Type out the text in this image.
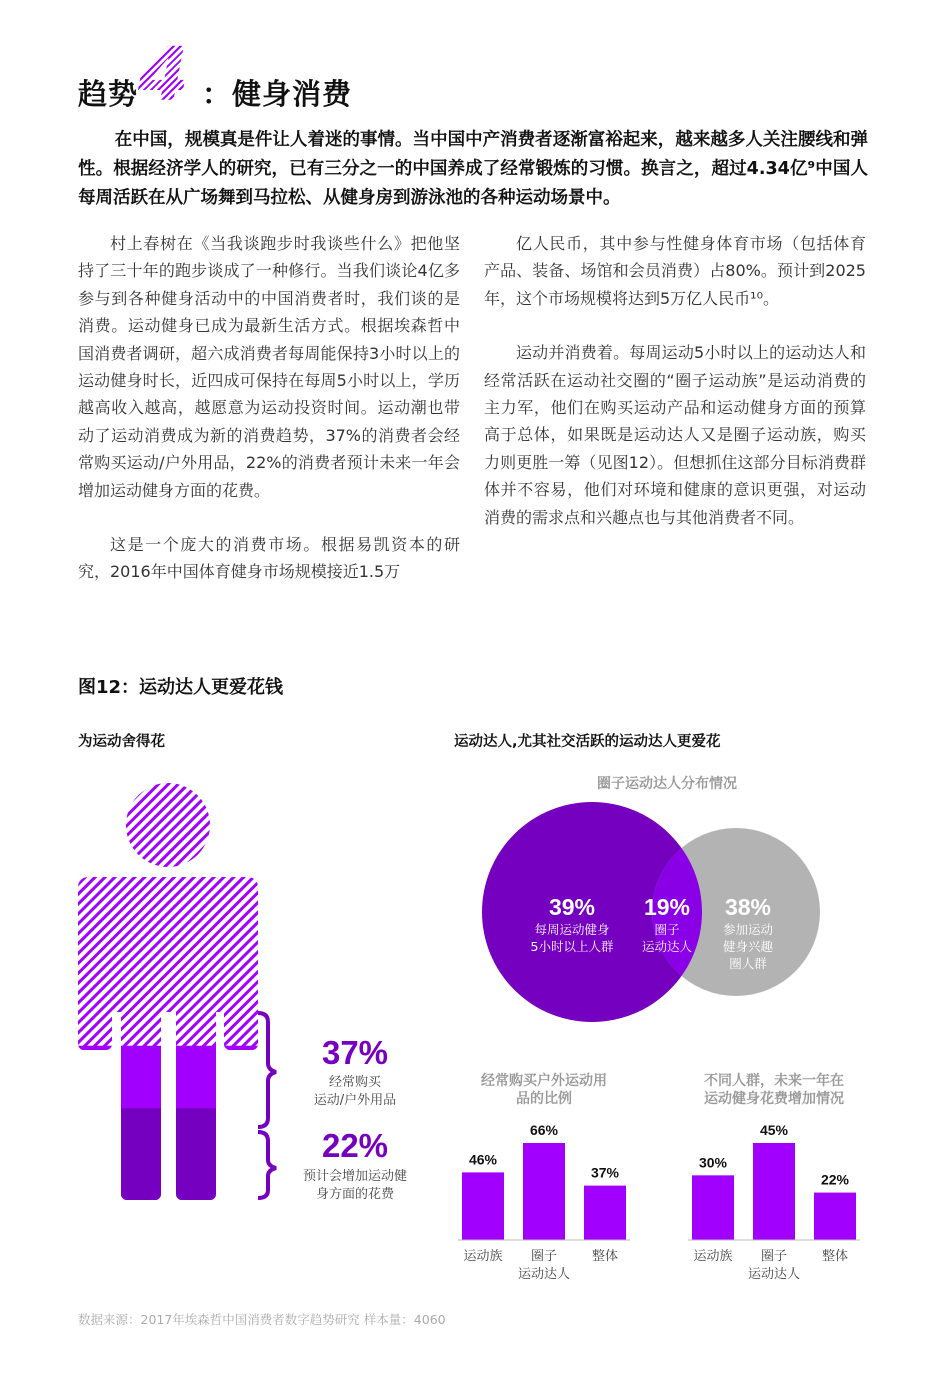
趋势 4 ：健身消费

在中国，规模真是件让人着迷的事情。当中国中产消费者逐渐富裕起来，越来越多人关注腰线和弹性。根据经济学人的研究，已有三分之一的中国养成了经常锻炼的习惯。换言之，超过4.34亿⁹中国人每周活跃在从广场舞到马拉松、从健身房到游泳池的各种运动场景中。

村上春树在《当我谈跑步时我谈些什么》把他坚持了三十年的跑步谈成了一种修行。当我们谈论4亿多参与到各种健身活动中的中国消费者时，我们谈的是消费。运动健身已成为最新生活方式。根据埃森哲中国消费者调研，超六成消费者每周能保持3小时以上的运动健身时长，近四成可保持在每周5小时以上，学历越高收入越高，越愿意为运动投资时间。运动潮也带动了运动消费成为新的消费趋势，37%的消费者会经常购买运动/户外用品，22%的消费者预计未来一年会增加运动健身方面的花费。

这是一个庞大的消费市场。根据易凯资本的研究，2016年中国体育健身市场规模接近1.5万

亿人民币，其中参与性健身体育市场（包括体育产品、装备、场馆和会员消费）占80%。预计到2025年，这个市场规模将达到5万亿人民币¹⁰。

运动并消费着。每周运动5小时以上的运动达人和经常活跃在运动社交圈的“圈子运动族”是运动消费的主力军，他们在购买运动产品和运动健身方面的预算高于总体，如果既是运动达人又是圈子运动族，购买力则更胜一筹（见图12）。但想抓住这部分目标消费群体并不容易，他们对环境和健康的意识更强，对运动消费的需求点和兴趣点也与其他消费者不同。

图12：运动达人更爱花钱
为运动舍得花	运动达人,尤其社交活跃的运动达人更爱花
37%
经常购买
运动/户外用品
22%
预计会增加运动健
身方面的花费
圈子运动达人分布情况
39%
每周运动健身
5小时以上人群
19%
圈子
运动达人
38%
参加运动
健身兴趣
圈人群
经常购买户外运动用
品的比例
46%
运动族
66%
圈子
运动达人
37%
整体
不同人群，未来一年在
运动健身花费增加情况
30%
运动族
45%
圈子
运动达人
22%
整体
数据来源：2017年埃森哲中国消费者数字趋势研究 样本量：4060
